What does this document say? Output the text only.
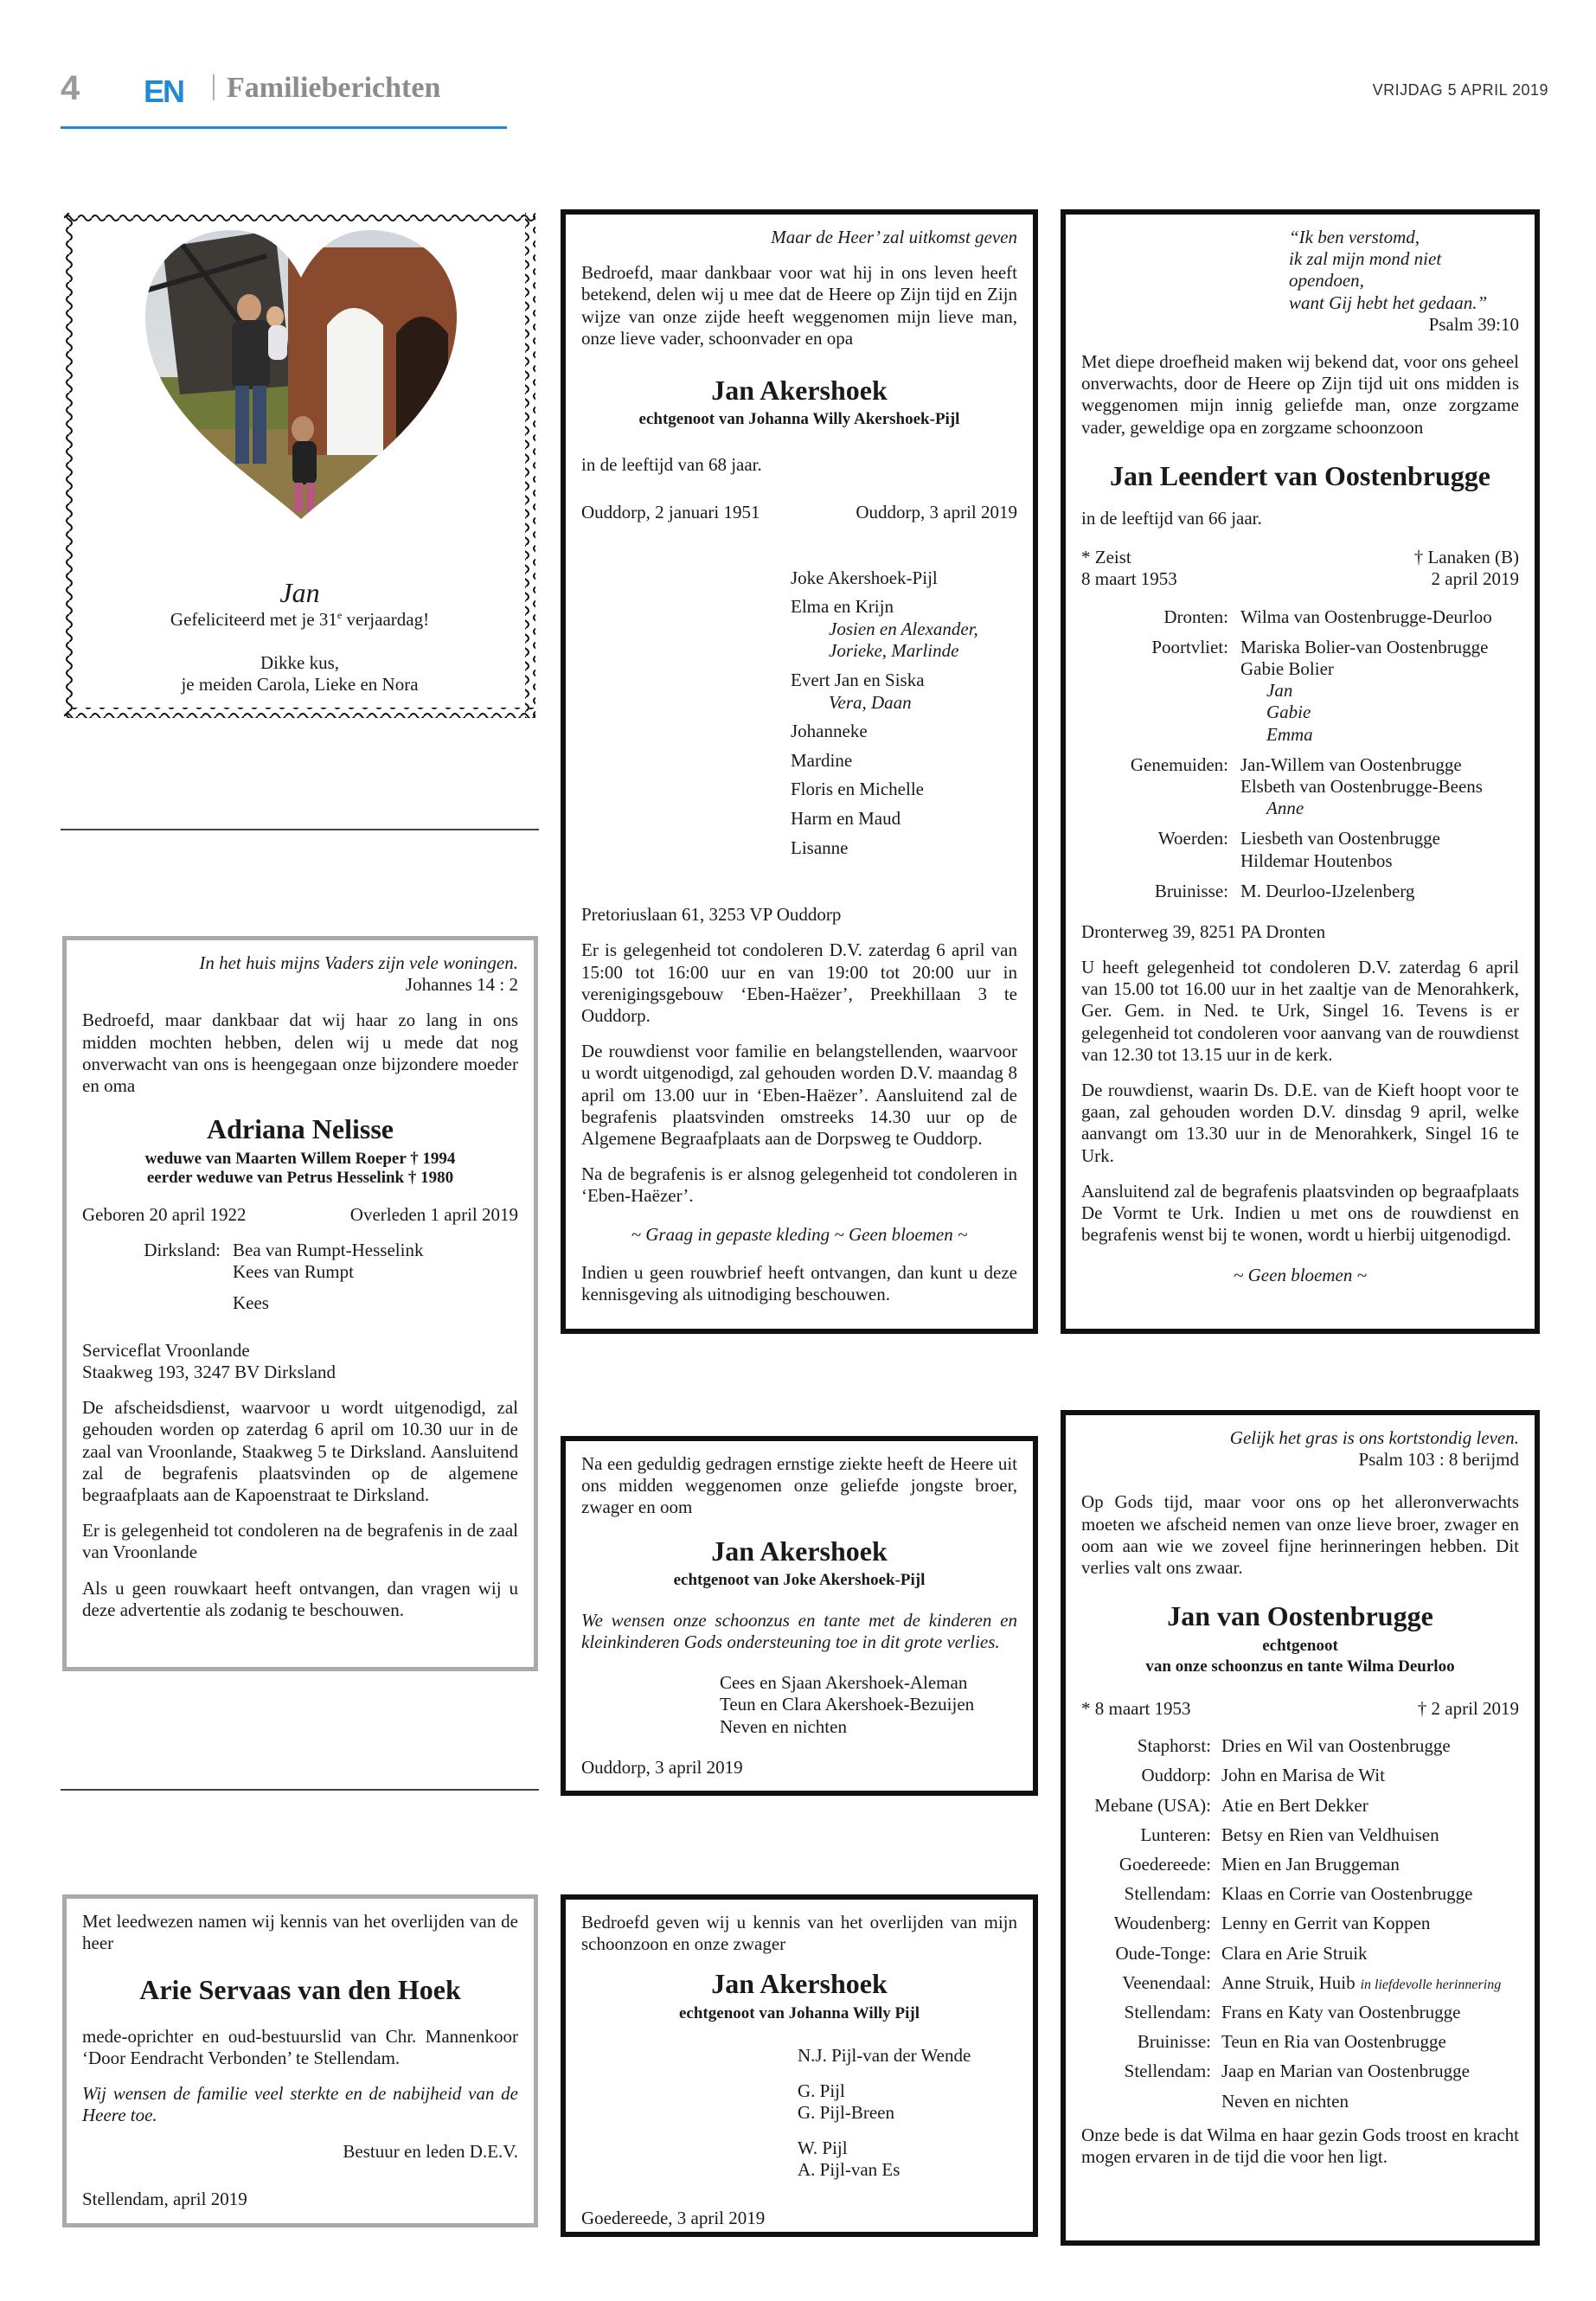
4 EN Familieberichten	VRIJDAG 5 APRIL 2019
Jan
Gefeliciteerd met je 31e verjaardag!
Dikke kus,
je meiden Carola, Lieke en Nora
In het huis mijns Vaders zijn vele woningen.
Johannes 14 : 2

Bedroefd, maar dankbaar dat wij haar zo lang in ons midden mochten hebben, delen wij u mede dat nog onverwacht van ons is heengegaan onze bijzondere moeder en oma

Adriana Nelisse
weduwe van Maarten Willem Roeper † 1994
eerder weduwe van Petrus Hesselink † 1980
Geboren 20 april 1922	Overleden 1 april 2019
Dirksland: Bea van Rumpt-Hesselink
Kees van Rumpt
Kees

Serviceflat Vroonlande
Staakweg 193, 3247 BV Dirksland

De afscheidsdienst, waarvoor u wordt uitgenodigd, zal gehouden worden op zaterdag 6 april om 10.30 uur in de zaal van Vroonlande, Staakweg 5 te Dirksland. Aansluitend zal de begrafenis plaatsvinden op de algemene begraafplaats aan de Kapoenstraat te Dirksland.

Er is gelegenheid tot condoleren na de begrafenis in de zaal van Vroonlande

Als u geen rouwkaart heeft ontvangen, dan vragen wij u deze advertentie als zodanig te beschouwen.

Met leedwezen namen wij kennis van het overlijden van de heer
Arie Servaas van den Hoek

mede-oprichter en oud-bestuurslid van Chr. Mannenkoor ‘Door Eendracht Verbonden’ te Stellendam.

Wij wensen de familie veel sterkte en de nabijheid van de Heere toe.

Bestuur en leden D.E.V.

Stellendam, april 2019

Maar de Heer’ zal uitkomst geven

Bedroefd, maar dankbaar voor wat hij in ons leven heeft betekend, delen wij u mee dat de Heere op Zijn tijd en Zijn wijze van onze zijde heeft weggenomen mijn lieve man, onze lieve vader, schoonvader en opa

Jan Akershoek
echtgenoot van Johanna Willy Akershoek-Pijl

in de leeftijd van 68 jaar.

Ouddorp, 2 januari 1951	Ouddorp, 3 april 2019
Joke Akershoek-Pijl
Elma en Krijn
Josien en Alexander,
Jorieke, Marlinde
Evert Jan en Siska
Vera, Daan
Johanneke
Mardine
Floris en Michelle
Harm en Maud
Lisanne

Pretoriuslaan 61, 3253 VP Ouddorp

Er is gelegenheid tot condoleren D.V. zaterdag 6 april van 15:00 tot 16:00 uur en van 19:00 tot 20:00 uur in verenigingsgebouw ‘Eben-Haëzer’, Preekhillaan 3 te Ouddorp.

De rouwdienst voor familie en belangstellenden, waarvoor u wordt uitgenodigd, zal gehouden worden D.V. maandag 8 april om 13.00 uur in ‘Eben-Haëzer’. Aansluitend zal de begrafenis plaatsvinden omstreeks 14.30 uur op de Algemene Begraafplaats aan de Dorpsweg te Ouddorp.

Na de begrafenis is er alsnog gelegenheid tot condoleren in ‘Eben-Haëzer’.

~ Graag in gepaste kleding ~ Geen bloemen ~

Indien u geen rouwbrief heeft ontvangen, dan kunt u deze kennisgeving als uitnodiging beschouwen.

Na een geduldig gedragen ernstige ziekte heeft de Heere uit ons midden weggenomen onze geliefde jongste broer, zwager en oom
Jan Akershoek
echtgenoot van Joke Akershoek-Pijl

We wensen onze schoonzus en tante met de kinderen en kleinkinderen Gods ondersteuning toe in dit grote verlies.

Cees en Sjaan Akershoek-Aleman
Teun en Clara Akershoek-Bezuijen
Neven en nichten

Ouddorp, 3 april 2019

Bedroefd geven wij u kennis van het overlijden van mijn schoonzoon en onze zwager
Jan Akershoek
echtgenoot van Johanna Willy Pijl
N.J. Pijl-van der Wende
G. Pijl
G. Pijl-Breen
W. Pijl
A. Pijl-van Es

Goedereede, 3 april 2019

“Ik ben verstomd,
ik zal mijn mond niet opendoen,
want Gij hebt het gedaan.”
Psalm 39:10

Met diepe droefheid maken wij bekend dat, voor ons geheel onverwachts, door de Heere op Zijn tijd uit ons midden is weggenomen mijn innig geliefde man, onze zorgzame vader, geweldige opa en zorgzame schoonzoon

Jan Leendert van Oostenbrugge

in de leeftijd van 66 jaar.

* Zeist
8 maart 1953
† Lanaken (B)
2 april 2019
Dronten: Wilma van Oostenbrugge-Deurloo
Poortvliet: Mariska Bolier-van Oostenbrugge
Gabie Bolier
Jan
Gabie
Emma
Genemuiden: Jan-Willem van Oostenbrugge
Elsbeth van Oostenbrugge-Beens
Anne
Woerden: Liesbeth van Oostenbrugge
Hildemar Houtenbos
Bruinisse: M. Deurloo-IJzelenberg

Dronterweg 39, 8251 PA Dronten

U heeft gelegenheid tot condoleren D.V. zaterdag 6 april van 15.00 tot 16.00 uur in het zaaltje van de Menorahkerk, Ger. Gem. in Ned. te Urk, Singel 16. Tevens is er gelegenheid tot condoleren voor aanvang van de rouwdienst van 12.30 tot 13.15 uur in de kerk.

De rouwdienst, waarin Ds. D.E. van de Kieft hoopt voor te gaan, zal gehouden worden D.V. dinsdag 9 april, welke aanvangt om 13.30 uur in de Menorahkerk, Singel 16 te Urk.

Aansluitend zal de begrafenis plaatsvinden op begraafplaats De Vormt te Urk. Indien u met ons de rouwdienst en begrafenis wenst bij te wonen, wordt u hierbij uitgenodigd.

~ Geen bloemen ~

Gelijk het gras is ons kortstondig leven.
Psalm 103 : 8 berijmd

Op Gods tijd, maar voor ons op het alleronverwachts moeten we afscheid nemen van onze lieve broer, zwager en oom aan wie we zoveel fijne herinneringen hebben. Dit verlies valt ons zwaar.

Jan van Oostenbrugge
echtgenoot
van onze schoonzus en tante Wilma Deurloo
* 8 maart 1953	† 2 april 2019
Staphorst: Dries en Wil van Oostenbrugge
Ouddorp: John en Marisa de Wit
Mebane (USA): Atie en Bert Dekker
Lunteren: Betsy en Rien van Veldhuisen
Goedereede: Mien en Jan Bruggeman
Stellendam: Klaas en Corrie van Oostenbrugge
Woudenberg: Lenny en Gerrit van Koppen
Oude-Tonge: Clara en Arie Struik
Veenendaal: Anne Struik, Huib in liefdevolle herinnering
Stellendam: Frans en Katy van Oostenbrugge
Bruinisse: Teun en Ria van Oostenbrugge
Stellendam: Jaap en Marian van Oostenbrugge
Neven en nichten

Onze bede is dat Wilma en haar gezin Gods troost en kracht mogen ervaren in de tijd die voor hen ligt.
